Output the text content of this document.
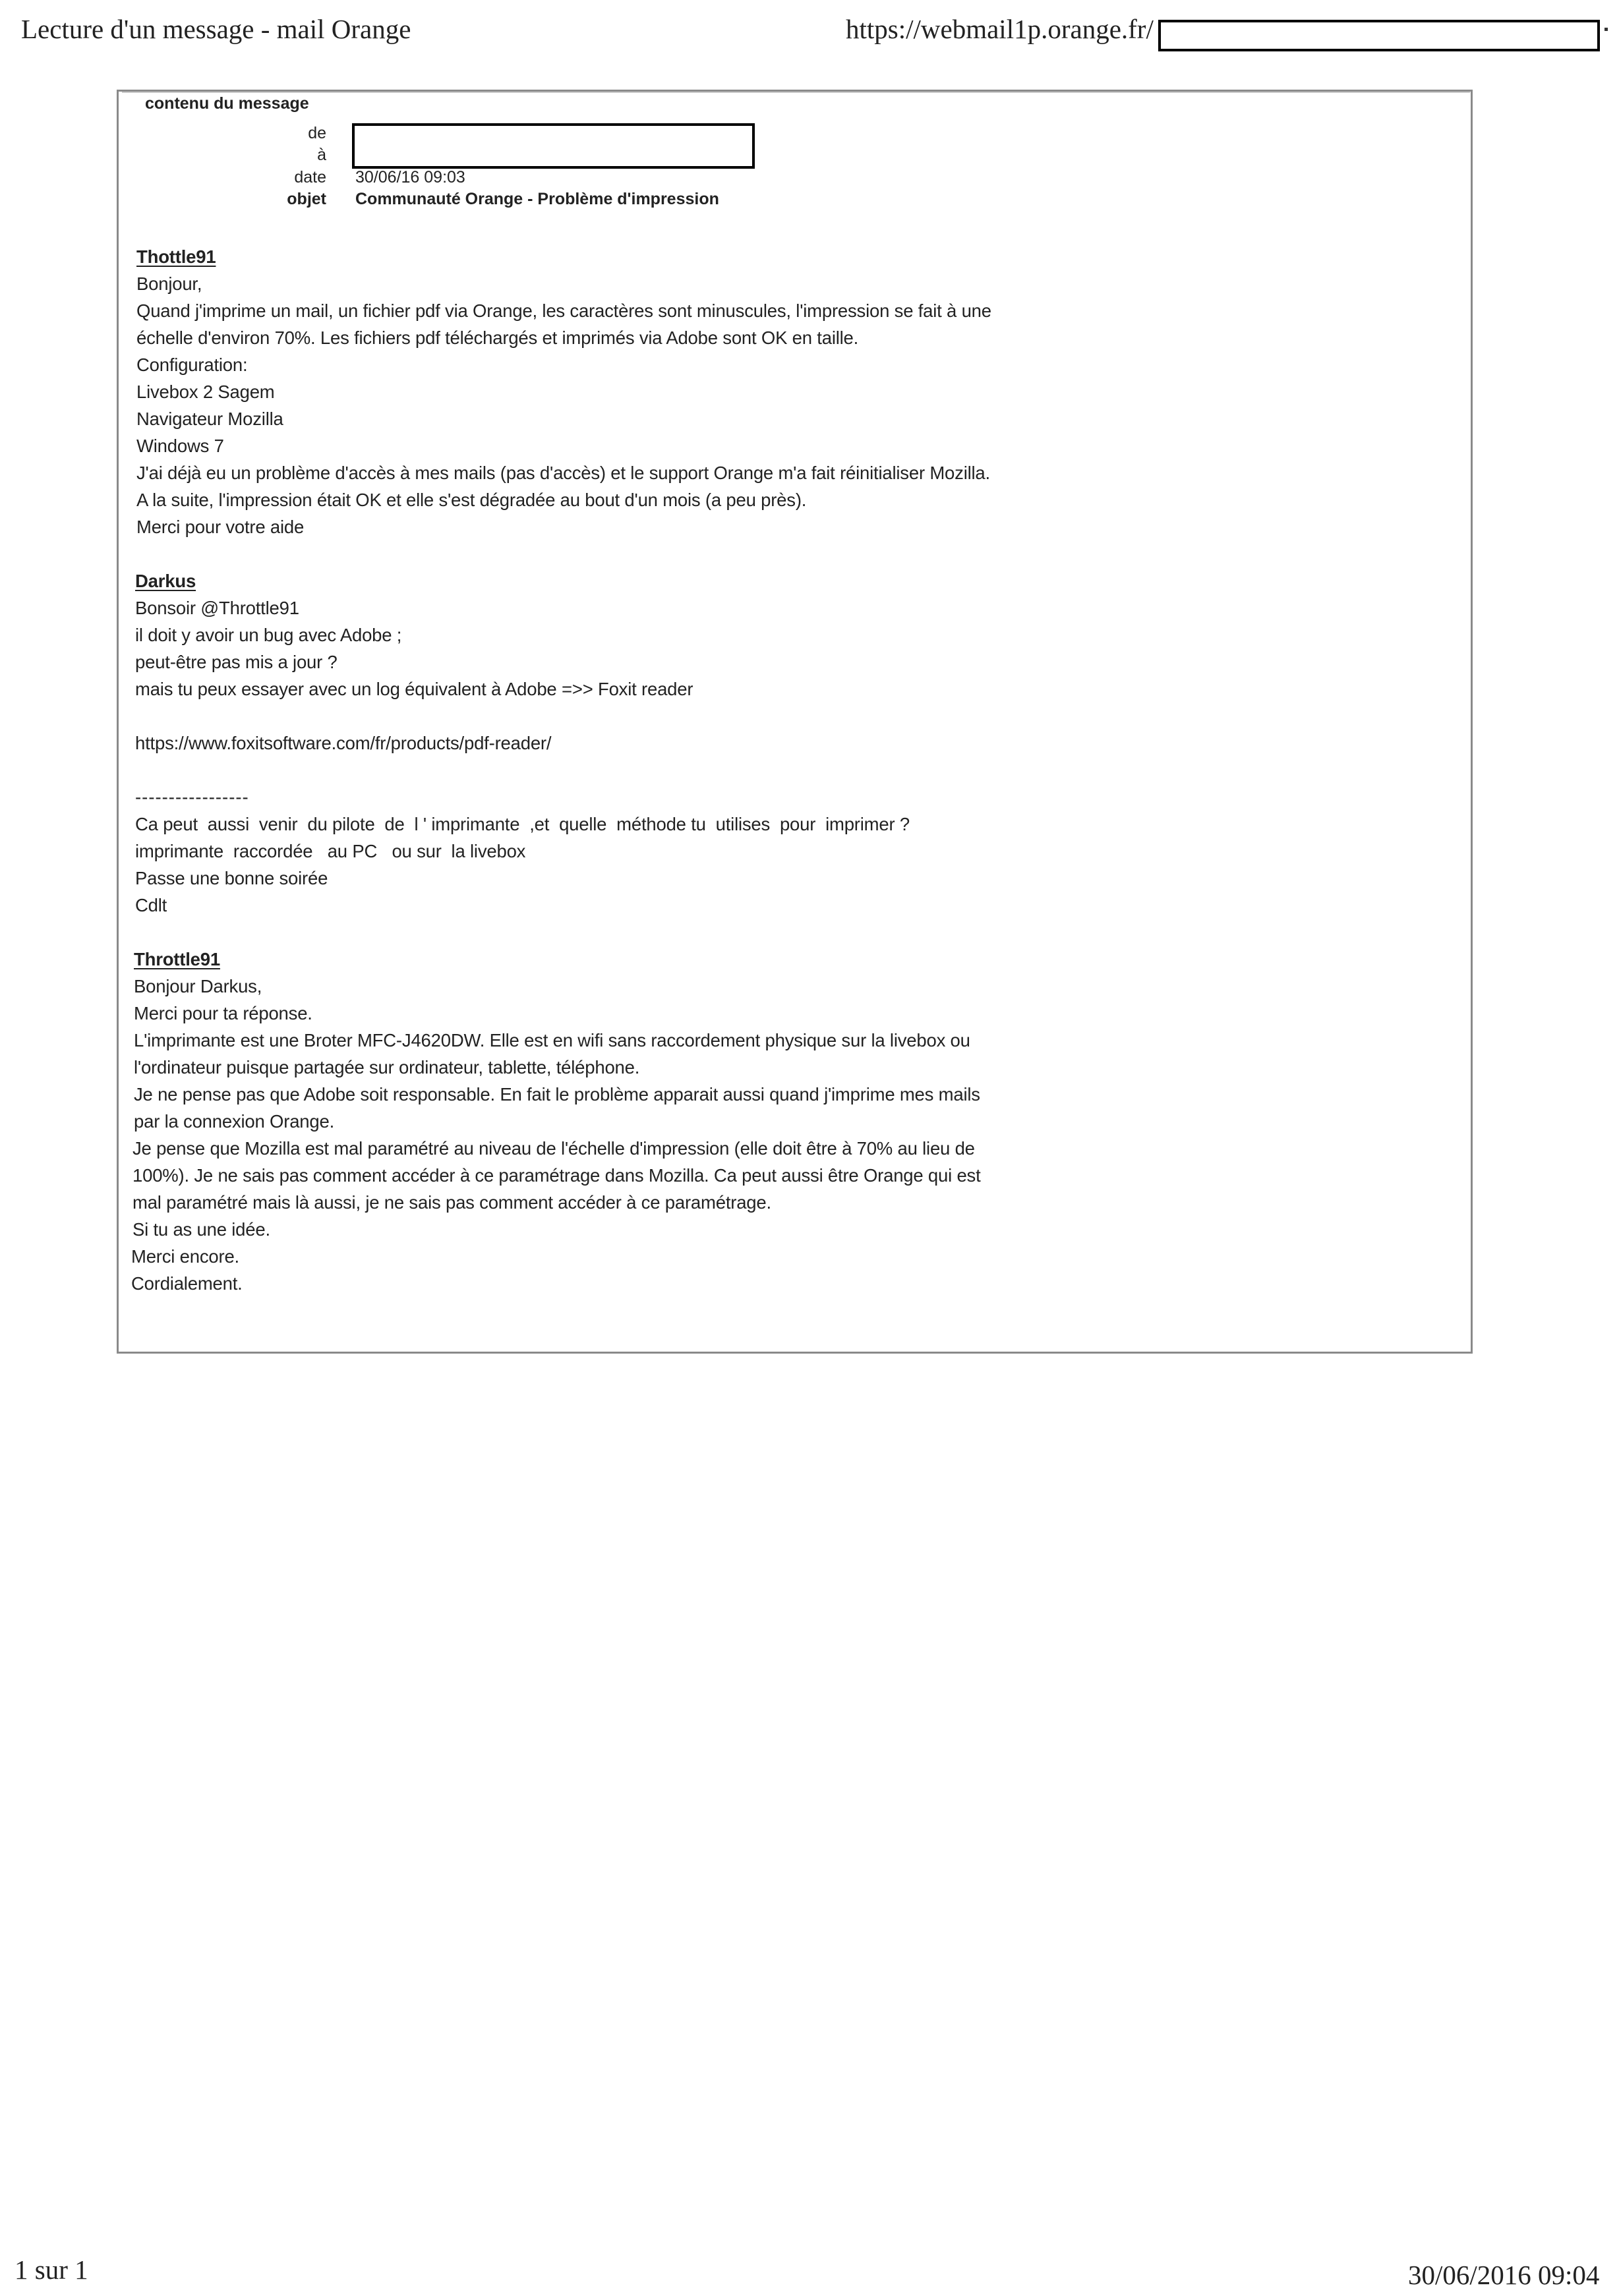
Lecture d'un message - mail Orange	https://webmail1p.orange.fr/
contenu du message
de
à
date 30/06/16 09:03
objet Communauté Orange - Problème d'impression
Thottle91
Bonjour,
Quand j'imprime un mail, un fichier pdf via Orange, les caractères sont minuscules, l'impression se fait à une
échelle d'environ 70%. Les fichiers pdf téléchargés et imprimés via Adobe sont OK en taille.
Configuration:
Livebox 2 Sagem
Navigateur Mozilla
Windows 7
J'ai déjà eu un problème d'accès à mes mails (pas d'accès) et le support Orange m'a fait réinitialiser Mozilla.
A la suite, l'impression était OK et elle s'est dégradée au bout d'un mois (a peu près).
Merci pour votre aide
Darkus
Bonsoir @Throttle91
il doit y avoir un bug avec Adobe ;
peut-être pas mis a jour ?
mais tu peux essayer avec un log équivalent à Adobe =>> Foxit reader
https://www.foxitsoftware.com/fr/products/pdf-reader/
-----------------
Ca peut  aussi  venir  du pilote  de  l ' imprimante  ,et  quelle  méthode tu  utilises  pour  imprimer ?
imprimante  raccordée   au PC   ou sur  la livebox
Passe une bonne soirée
Cdlt
Throttle91
Bonjour Darkus,
Merci pour ta réponse.
L'imprimante est une Broter MFC-J4620DW. Elle est en wifi sans raccordement physique sur la livebox ou
l'ordinateur puisque partagée sur ordinateur, tablette, téléphone.
Je ne pense pas que Adobe soit responsable. En fait le problème apparait aussi quand j'imprime mes mails
par la connexion Orange.
Je pense que Mozilla est mal paramétré au niveau de l'échelle d'impression (elle doit être à 70% au lieu de
100%). Je ne sais pas comment accéder à ce paramétrage dans Mozilla. Ca peut aussi être Orange qui est
mal paramétré mais là aussi, je ne sais pas comment accéder à ce paramétrage.
Si tu as une idée.
Merci encore.
Cordialement.
1 sur 1	30/06/2016 09:04
